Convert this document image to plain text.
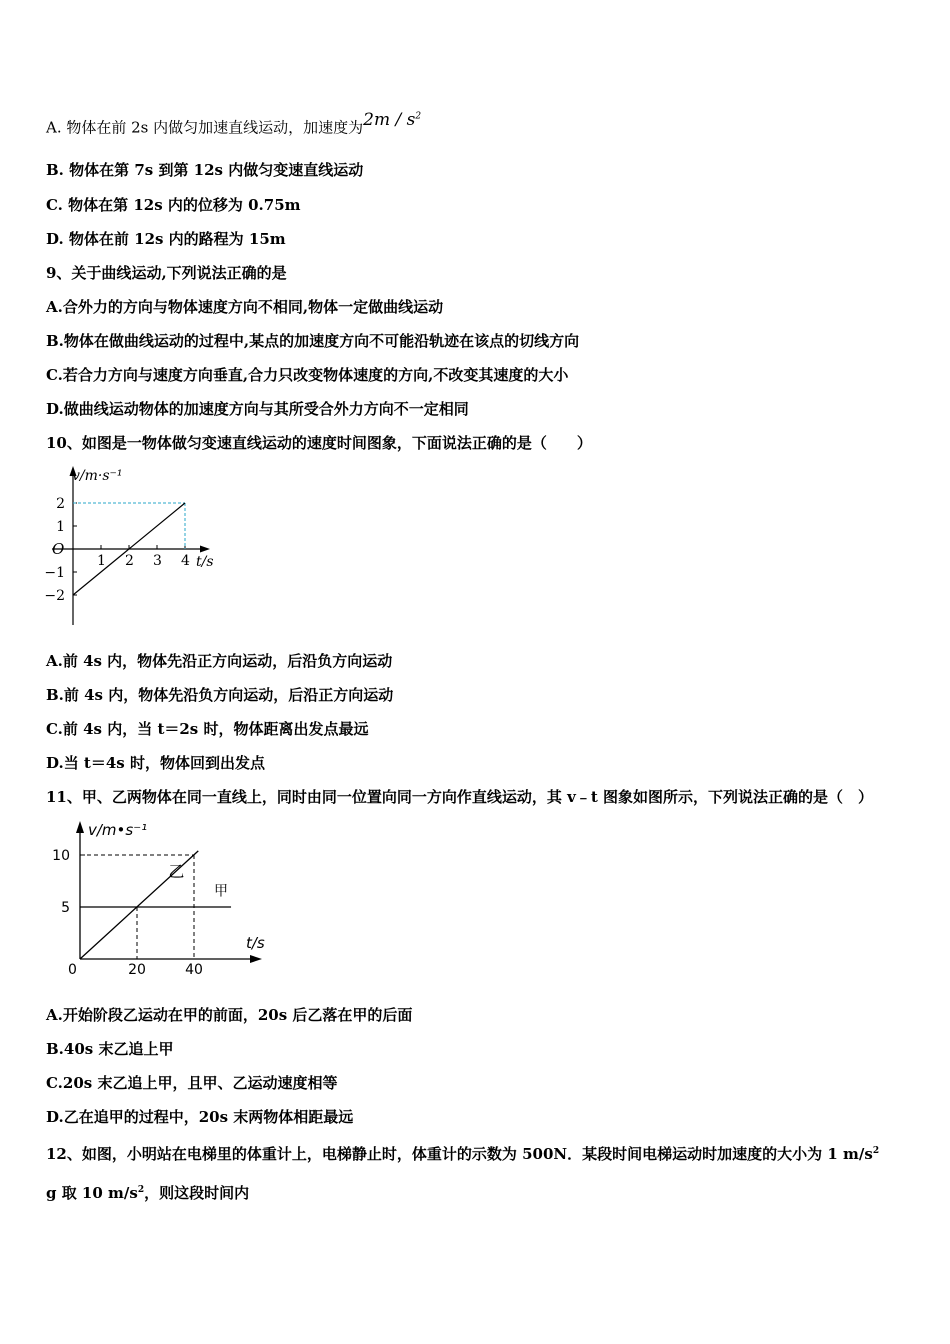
A. 物体在前 2s 内做匀加速直线运动，加速度为$2m / s^2$
B. 物体在第 7s 到第 12s 内做匀变速直线运动
C. 物体在第 12s 内的位移为 0.75m
D. 物体在前 12s 内的路程为 15m
9、关于曲线运动,下列说法正确的是
A.合外力的方向与物体速度方向不相同,物体一定做曲线运动
B.物体在做曲线运动的过程中,某点的加速度方向不可能沿轨迹在该点的切线方向
C.若合力方向与速度方向垂直,合力只改变物体速度的方向,不改变其速度的大小
D.做曲线运动物体的加速度方向与其所受合外力方向不一定相同
10、如图是一物体做匀变速直线运动的速度时间图象，下面说法正确的是（　　）
v/m·s⁻¹
t/s
O
1 2 3 4
2
1
−1
−2
A.前 4s 内，物体先沿正方向运动，后沿负方向运动
B.前 4s 内，物体先沿负方向运动，后沿正方向运动
C.前 4s 内，当 t＝2s 时，物体距离出发点最远
D.当 t＝4s 时，物体回到出发点
11、甲、乙两物体在同一直线上，同时由同一位置向同一方向作直线运动，其 v﹣t 图象如图所示，下列说法正确的是（　）
v/m•s⁻¹
t/s
0	20	40
10
5
乙
甲
A.开始阶段乙运动在甲的前面，20s 后乙落在甲的后面
B.40s 末乙追上甲
C.20s 末乙追上甲，且甲、乙运动速度相等
D.乙在追甲的过程中，20s 末两物体相距最远
12、如图，小明站在电梯里的体重计上，电梯静止时，体重计的示数为 500N．某段时间电梯运动时加速度的大小为 1 $m/s^2$
g 取 10 $m/s^2$，则这段时间内
